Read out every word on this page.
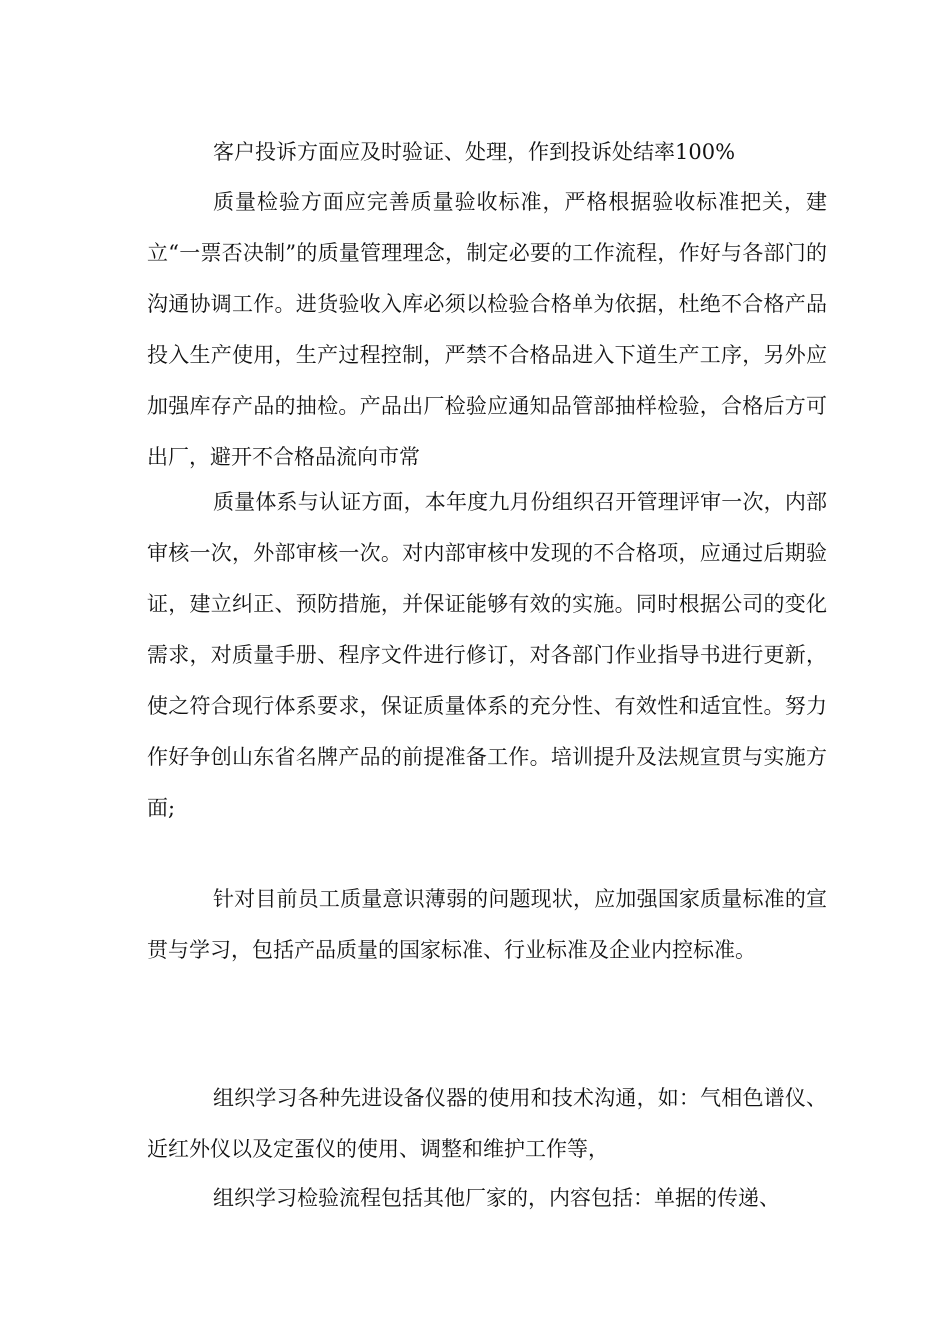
客户投诉方面应及时验证、处理，作到投诉处结率100%

质量检验方面应完善质量验收标准，严格根据验收标准把关，建立“一票否决制”的质量管理理念，制定必要的工作流程，作好与各部门的沟通协调工作。进货验收入库必须以检验合格单为依据，杜绝不合格产品投入生产使用，生产过程控制，严禁不合格品进入下道生产工序，另外应加强库存产品的抽检。产品出厂检验应通知品管部抽样检验，合格后方可出厂，避开不合格品流向市常

质量体系与认证方面，本年度九月份组织召开管理评审一次，内部审核一次，外部审核一次。对内部审核中发现的不合格项，应通过后期验证，建立纠正、预防措施，并保证能够有效的实施。同时根据公司的变化需求，对质量手册、程序文件进行修订，对各部门作业指导书进行更新，使之符合现行体系要求，保证质量体系的充分性、有效性和适宜性。努力作好争创山东省名牌产品的前提准备工作。培训提升及法规宣贯与实施方面;

针对目前员工质量意识薄弱的问题现状，应加强国家质量标准的宣贯与学习，包括产品质量的国家标准、行业标准及企业内控标准。

组织学习各种先进设备仪器的使用和技术沟通，如：气相色谱仪、近红外仪以及定蛋仪的使用、调整和维护工作等，

组织学习检验流程包括其他厂家的，内容包括：单据的传递、
